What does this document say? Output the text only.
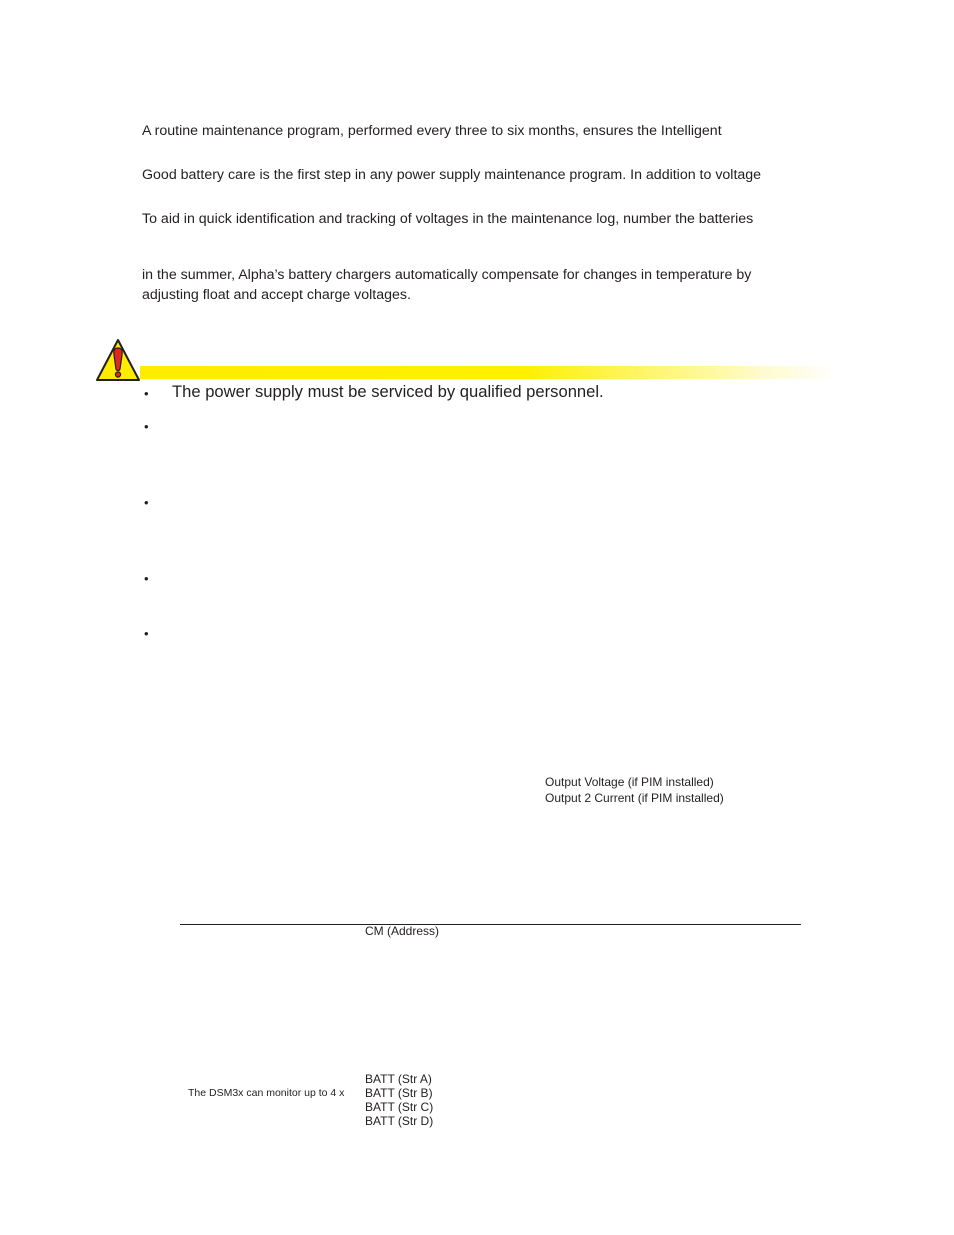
A routine maintenance program, performed every three to six months, ensures the Intelligent
Good battery care is the first step in any power supply maintenance program. In addition to voltage
To aid in quick identification and tracking of voltages in the maintenance log, number the batteries
in the summer, Alpha’s battery chargers automatically compensate for changes in temperature by
adjusting float and accept charge voltages.
• The power supply must be serviced by qualified personnel.
•
•
•
•
Output Voltage (if PIM installed)
Output 2 Current (if PIM installed)
CM (Address)
The DSM3x can monitor up to 4 x
BATT (Str A)
BATT (Str B)
BATT (Str C)
BATT (Str D)
